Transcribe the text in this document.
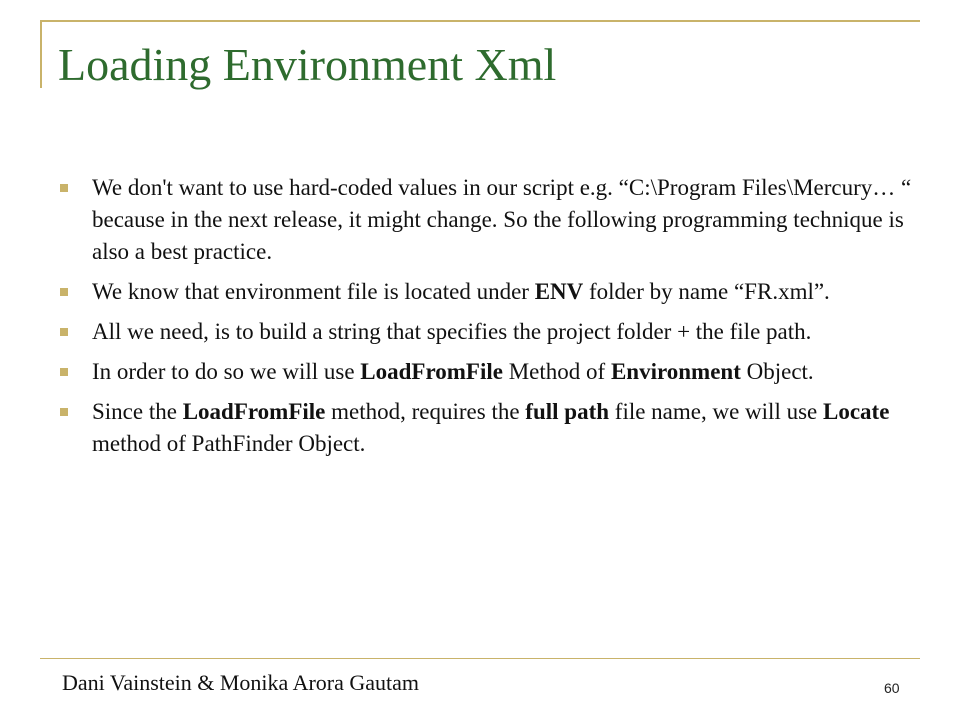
Loading Environment Xml
We don't want to use hard-coded values in our script e.g. “C:\Program Files\Mercury… “ because in the next release, it might change. So the following programming technique is also a best practice.
We know that environment file is located under ENV folder by name “FR.xml”.
All we need, is to build a string that specifies the project folder + the file path.
In order to do so we will use LoadFromFile Method of Environment Object.
Since the LoadFromFile method, requires the full path file name, we will use Locate method of PathFinder Object.
Dani Vainstein & Monika Arora Gautam	60
